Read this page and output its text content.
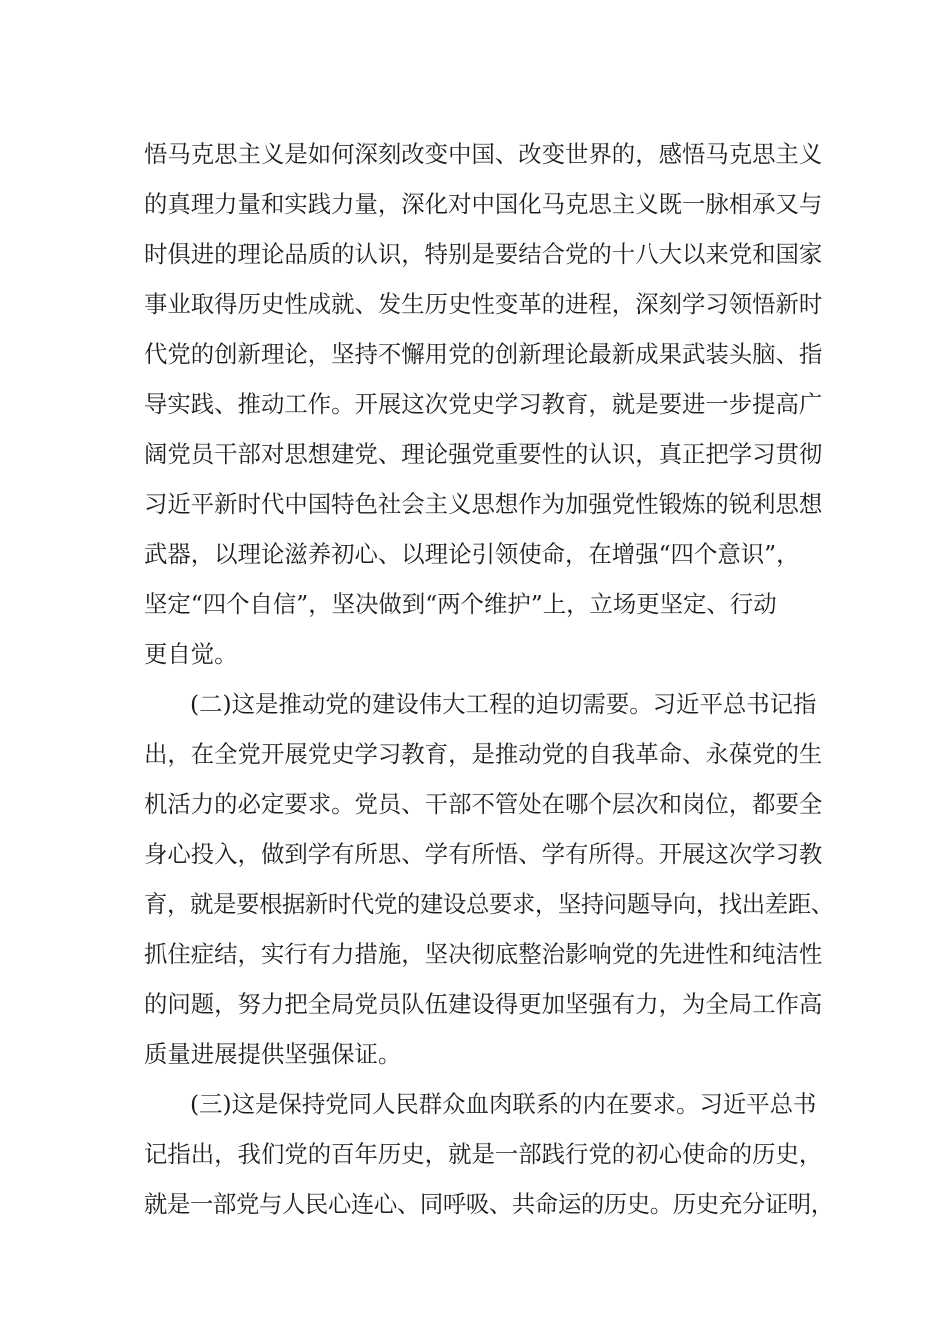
悟马克思主义是如何深刻改变中国、改变世界的，感悟马克思主义
的真理力量和实践力量，深化对中国化马克思主义既一脉相承又与
时俱进的理论品质的认识，特别是要结合党的十八大以来党和国家
事业取得历史性成就、发生历史性变革的进程，深刻学习领悟新时
代党的创新理论，坚持不懈用党的创新理论最新成果武装头脑、指
导实践、推动工作。开展这次党史学习教育，就是要进一步提高广
阔党员干部对思想建党、理论强党重要性的认识，真正把学习贯彻
习近平新时代中国特色社会主义思想作为加强党性锻炼的锐利思想
武器，以理论滋养初心、以理论引领使命，在增强“四个意识”，
坚定“四个自信”，坚决做到“两个维护”上，立场更坚定、行动
更自觉。
(二)这是推动党的建设伟大工程的迫切需要。习近平总书记指
出，在全党开展党史学习教育，是推动党的自我革命、永葆党的生
机活力的必定要求。党员、干部不管处在哪个层次和岗位，都要全
身心投入，做到学有所思、学有所悟、学有所得。开展这次学习教
育，就是要根据新时代党的建设总要求，坚持问题导向，找出差距、
抓住症结，实行有力措施，坚决彻底整治影响党的先进性和纯洁性
的问题，努力把全局党员队伍建设得更加坚强有力，为全局工作高
质量进展提供坚强保证。
(三)这是保持党同人民群众血肉联系的内在要求。习近平总书
记指出，我们党的百年历史，就是一部践行党的初心使命的历史，
就是一部党与人民心连心、同呼吸、共命运的历史。历史充分证明，
